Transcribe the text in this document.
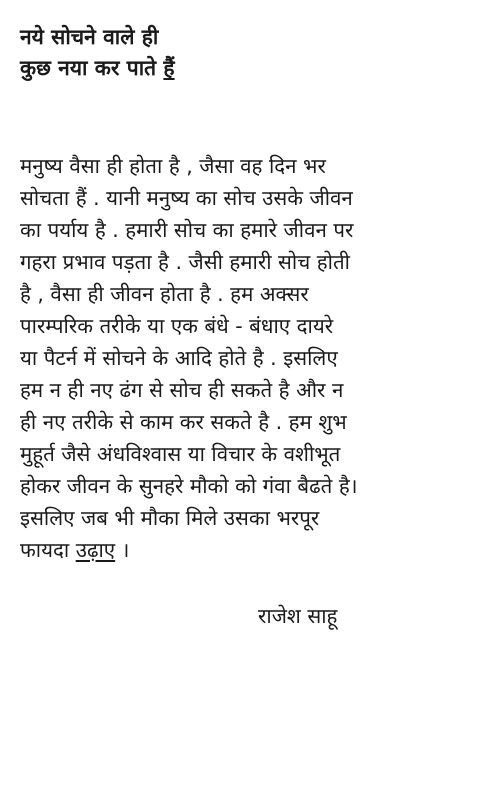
नये सोचने वाले ही
कुछ नया कर पाते हैं
मनुष्य वैसा ही होता है , जैसा वह दिन भर
सोचता हैं . यानी मनुष्य का सोच उसके जीवन
का पर्याय है . हमारी सोच का हमारे जीवन पर
गहरा प्रभाव पड़ता है . जैसी हमारी सोच होती
है , वैसा ही जीवन होता है . हम अक्सर
पारम्परिक तरीके या एक बंधे - बंधाए दायरे
या पैटर्न में सोचने के आदि होते है . इसलिए
हम न ही नए ढंग से सोच ही सकते है और न
ही नए तरीके से काम कर सकते है . हम शुभ
मुहूर्त जैसे अंधविश्वास या विचार के वशीभूत
होकर जीवन के सुनहरे मौको को गंवा बैढते है।
इसलिए जब भी मौका मिले उसका भरपूर
फायदा उढ़ाए ।
राजेश साहू
